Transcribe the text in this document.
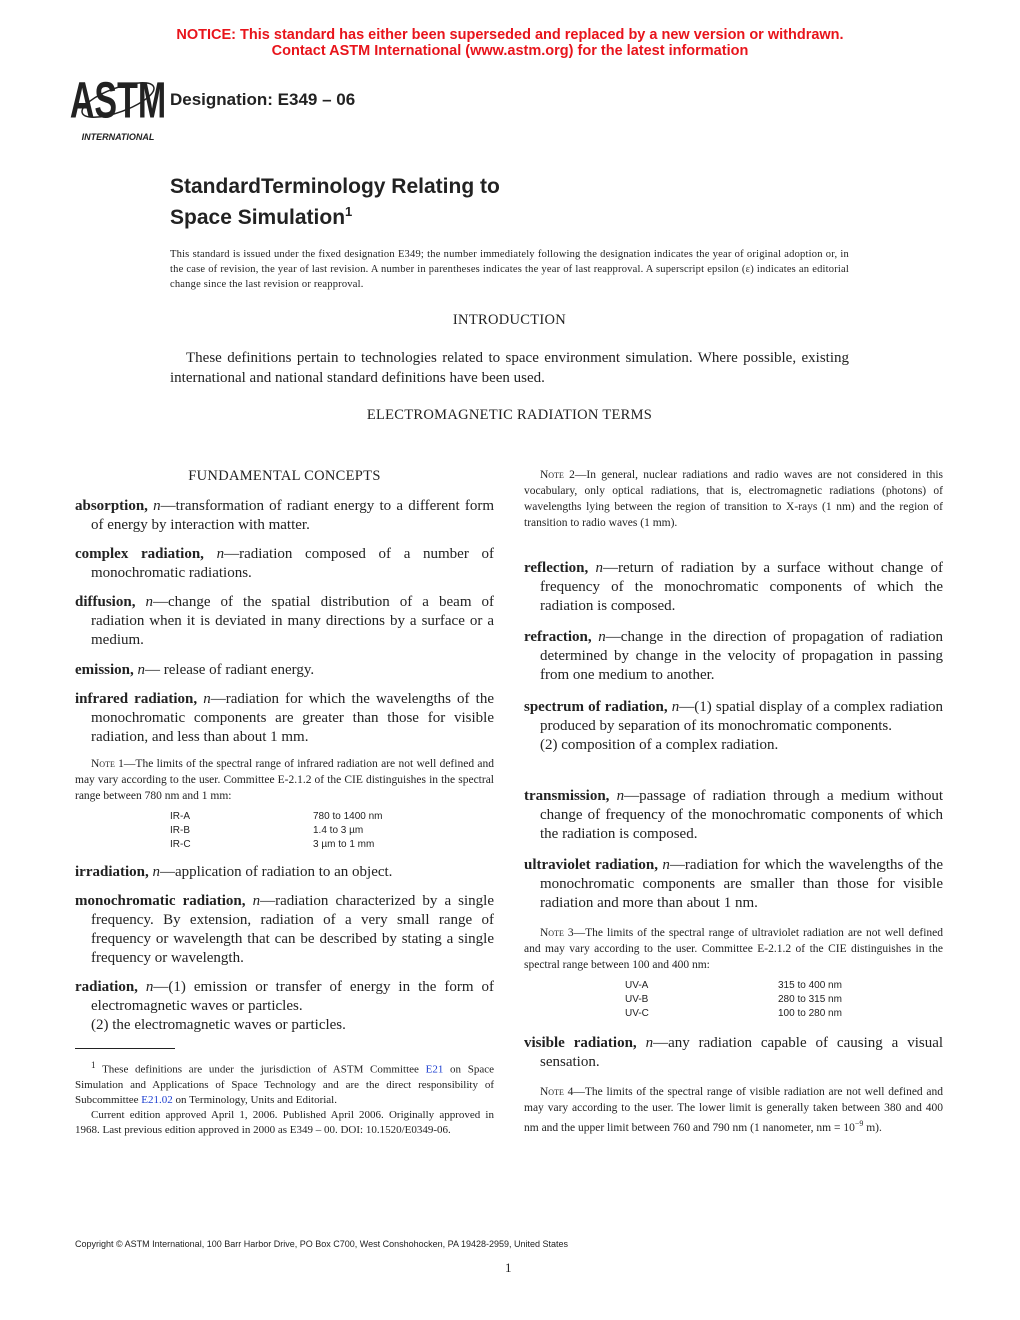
NOTICE: This standard has either been superseded and replaced by a new version or withdrawn.
Contact ASTM International (www.astm.org) for the latest information
ASTM
INTERNATIONAL
Designation: E349 – 06
StandardTerminology Relating to
Space Simulation$^1$
This standard is issued under the fixed designation E349; the number immediately following the designation indicates the year of original adoption or, in the case of revision, the year of last revision. A number in parentheses indicates the year of last reapproval. A superscript epsilon (ε) indicates an editorial change since the last revision or reapproval.
INTRODUCTION
These definitions pertain to technologies related to space environment simulation. Where possible, existing international and national standard definitions have been used.
ELECTROMAGNETIC RADIATION TERMS
FUNDAMENTAL CONCEPTS
absorption, n—transformation of radiant energy to a different form of energy by interaction with matter.
complex radiation, n—radiation composed of a number of monochromatic radiations.
diffusion, n—change of the spatial distribution of a beam of radiation when it is deviated in many directions by a surface or a medium.
emission, n— release of radiant energy.
infrared radiation, n—radiation for which the wavelengths of the monochromatic components are greater than those for visible radiation, and less than about 1 mm.
Note 1—The limits of the spectral range of infrared radiation are not well defined and may vary according to the user. Committee E-2.1.2 of the CIE distinguishes in the spectral range between 780 nm and 1 mm:
IR-A	780 to 1400 nm
IR-B	1.4 to 3 µm
IR-C	3 µm to 1 mm
irradiation, n—application of radiation to an object.
monochromatic radiation, n—radiation characterized by a single frequency. By extension, radiation of a very small range of frequency or wavelength that can be described by stating a single frequency or wavelength.
radiation, n—(1) emission or transfer of energy in the form of electromagnetic waves or particles.
(2) the electromagnetic waves or particles.

$^1$ These definitions are under the jurisdiction of ASTM Committee E21 on Space Simulation and Applications of Space Technology and are the direct responsibility of Subcommittee E21.02 on Terminology, Units and Editorial.

Current edition approved April 1, 2006. Published April 2006. Originally approved in 1968. Last previous edition approved in 2000 as E349 – 00. DOI: 10.1520/E0349-06.

Note 2—In general, nuclear radiations and radio waves are not considered in this vocabulary, only optical radiations, that is, electromagnetic radiations (photons) of wavelengths lying between the region of transition to X-rays (1 nm) and the region of transition to radio waves (1 mm).
reflection, n—return of radiation by a surface without change of frequency of the monochromatic components of which the radiation is composed.
refraction, n—change in the direction of propagation of radiation determined by change in the velocity of propagation in passing from one medium to another.
spectrum of radiation, n—(1) spatial display of a complex radiation produced by separation of its monochromatic components.
(2) composition of a complex radiation.
transmission, n—passage of radiation through a medium without change of frequency of the monochromatic components of which the radiation is composed.
ultraviolet radiation, n—radiation for which the wavelengths of the monochromatic components are smaller than those for visible radiation and more than about 1 nm.
Note 3—The limits of the spectral range of ultraviolet radiation are not well defined and may vary according to the user. Committee E-2.1.2 of the CIE distinguishes in the spectral range between 100 and 400 nm:
UV-A	315 to 400 nm
UV-B	280 to 315 nm
UV-C	100 to 280 nm
visible radiation, n—any radiation capable of causing a visual sensation.
Note 4—The limits of the spectral range of visible radiation are not well defined and may vary according to the user. The lower limit is generally taken between 380 and 400 nm and the upper limit between 760 and 790 nm (1 nanometer, nm = $10^{-9}$ m).
Copyright © ASTM International, 100 Barr Harbor Drive, PO Box C700, West Conshohocken, PA 19428-2959, United States
1
